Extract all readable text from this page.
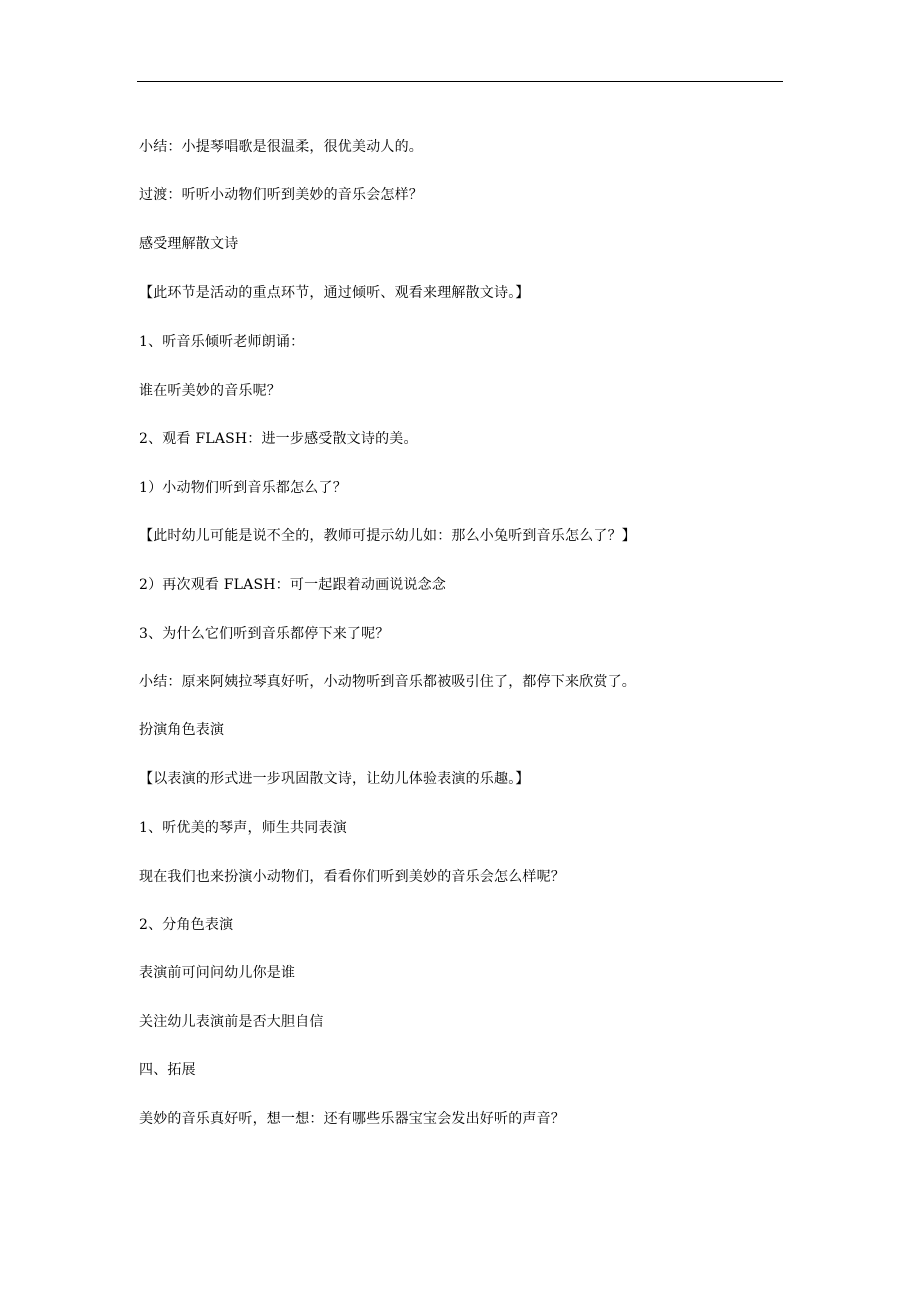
小结：小提琴唱歌是很温柔，很优美动人的。
过渡：听听小动物们听到美妙的音乐会怎样？
感受理解散文诗
【此环节是活动的重点环节，通过倾听、观看来理解散文诗。】
1、听音乐倾听老师朗诵：
谁在听美妙的音乐呢？
2、观看 FLASH：进一步感受散文诗的美。
1）小动物们听到音乐都怎么了？
【此时幼儿可能是说不全的，教师可提示幼儿如：那么小兔听到音乐怎么了？】
2）再次观看 FLASH：可一起跟着动画说说念念
3、为什么它们听到音乐都停下来了呢？
小结：原来阿姨拉琴真好听，小动物听到音乐都被吸引住了，都停下来欣赏了。
扮演角色表演
【以表演的形式进一步巩固散文诗，让幼儿体验表演的乐趣。】
1、听优美的琴声，师生共同表演
现在我们也来扮演小动物们，看看你们听到美妙的音乐会怎么样呢？
2、分角色表演
表演前可问问幼儿你是谁
关注幼儿表演前是否大胆自信
四、拓展
美妙的音乐真好听，想一想：还有哪些乐器宝宝会发出好听的声音？
